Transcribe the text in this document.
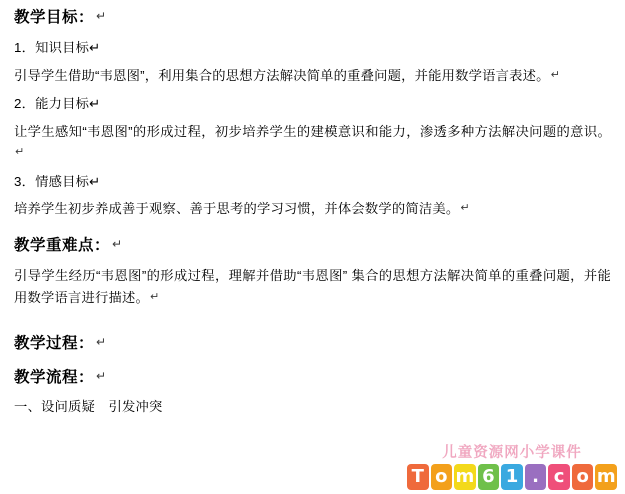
教学目标： ↵
1．知识目标↵
引导学生借助“韦恩图”，利用集合的思想方法解决简单的重叠问题，并能用数学语言表述。↵
2．能力目标↵
让学生感知“韦恩图”的形成过程，初步培养学生的建模意识和能力，渗透多种方法解决问题的意识。↵
3．情感目标↵
培养学生初步养成善于观察、善于思考的学习习惯，并体会数学的简洁美。↵
教学重难点： ↵
引导学生经历“韦恩图”的形成过程，理解并借助“韦恩图” 集合的思想方法解决简单的重叠问题，并能用数学语言进行描述。↵
教学过程： ↵
教学流程： ↵
一、设问质疑　引发冲突
儿童资源网小学课件
T o m 6 1 . c o m
